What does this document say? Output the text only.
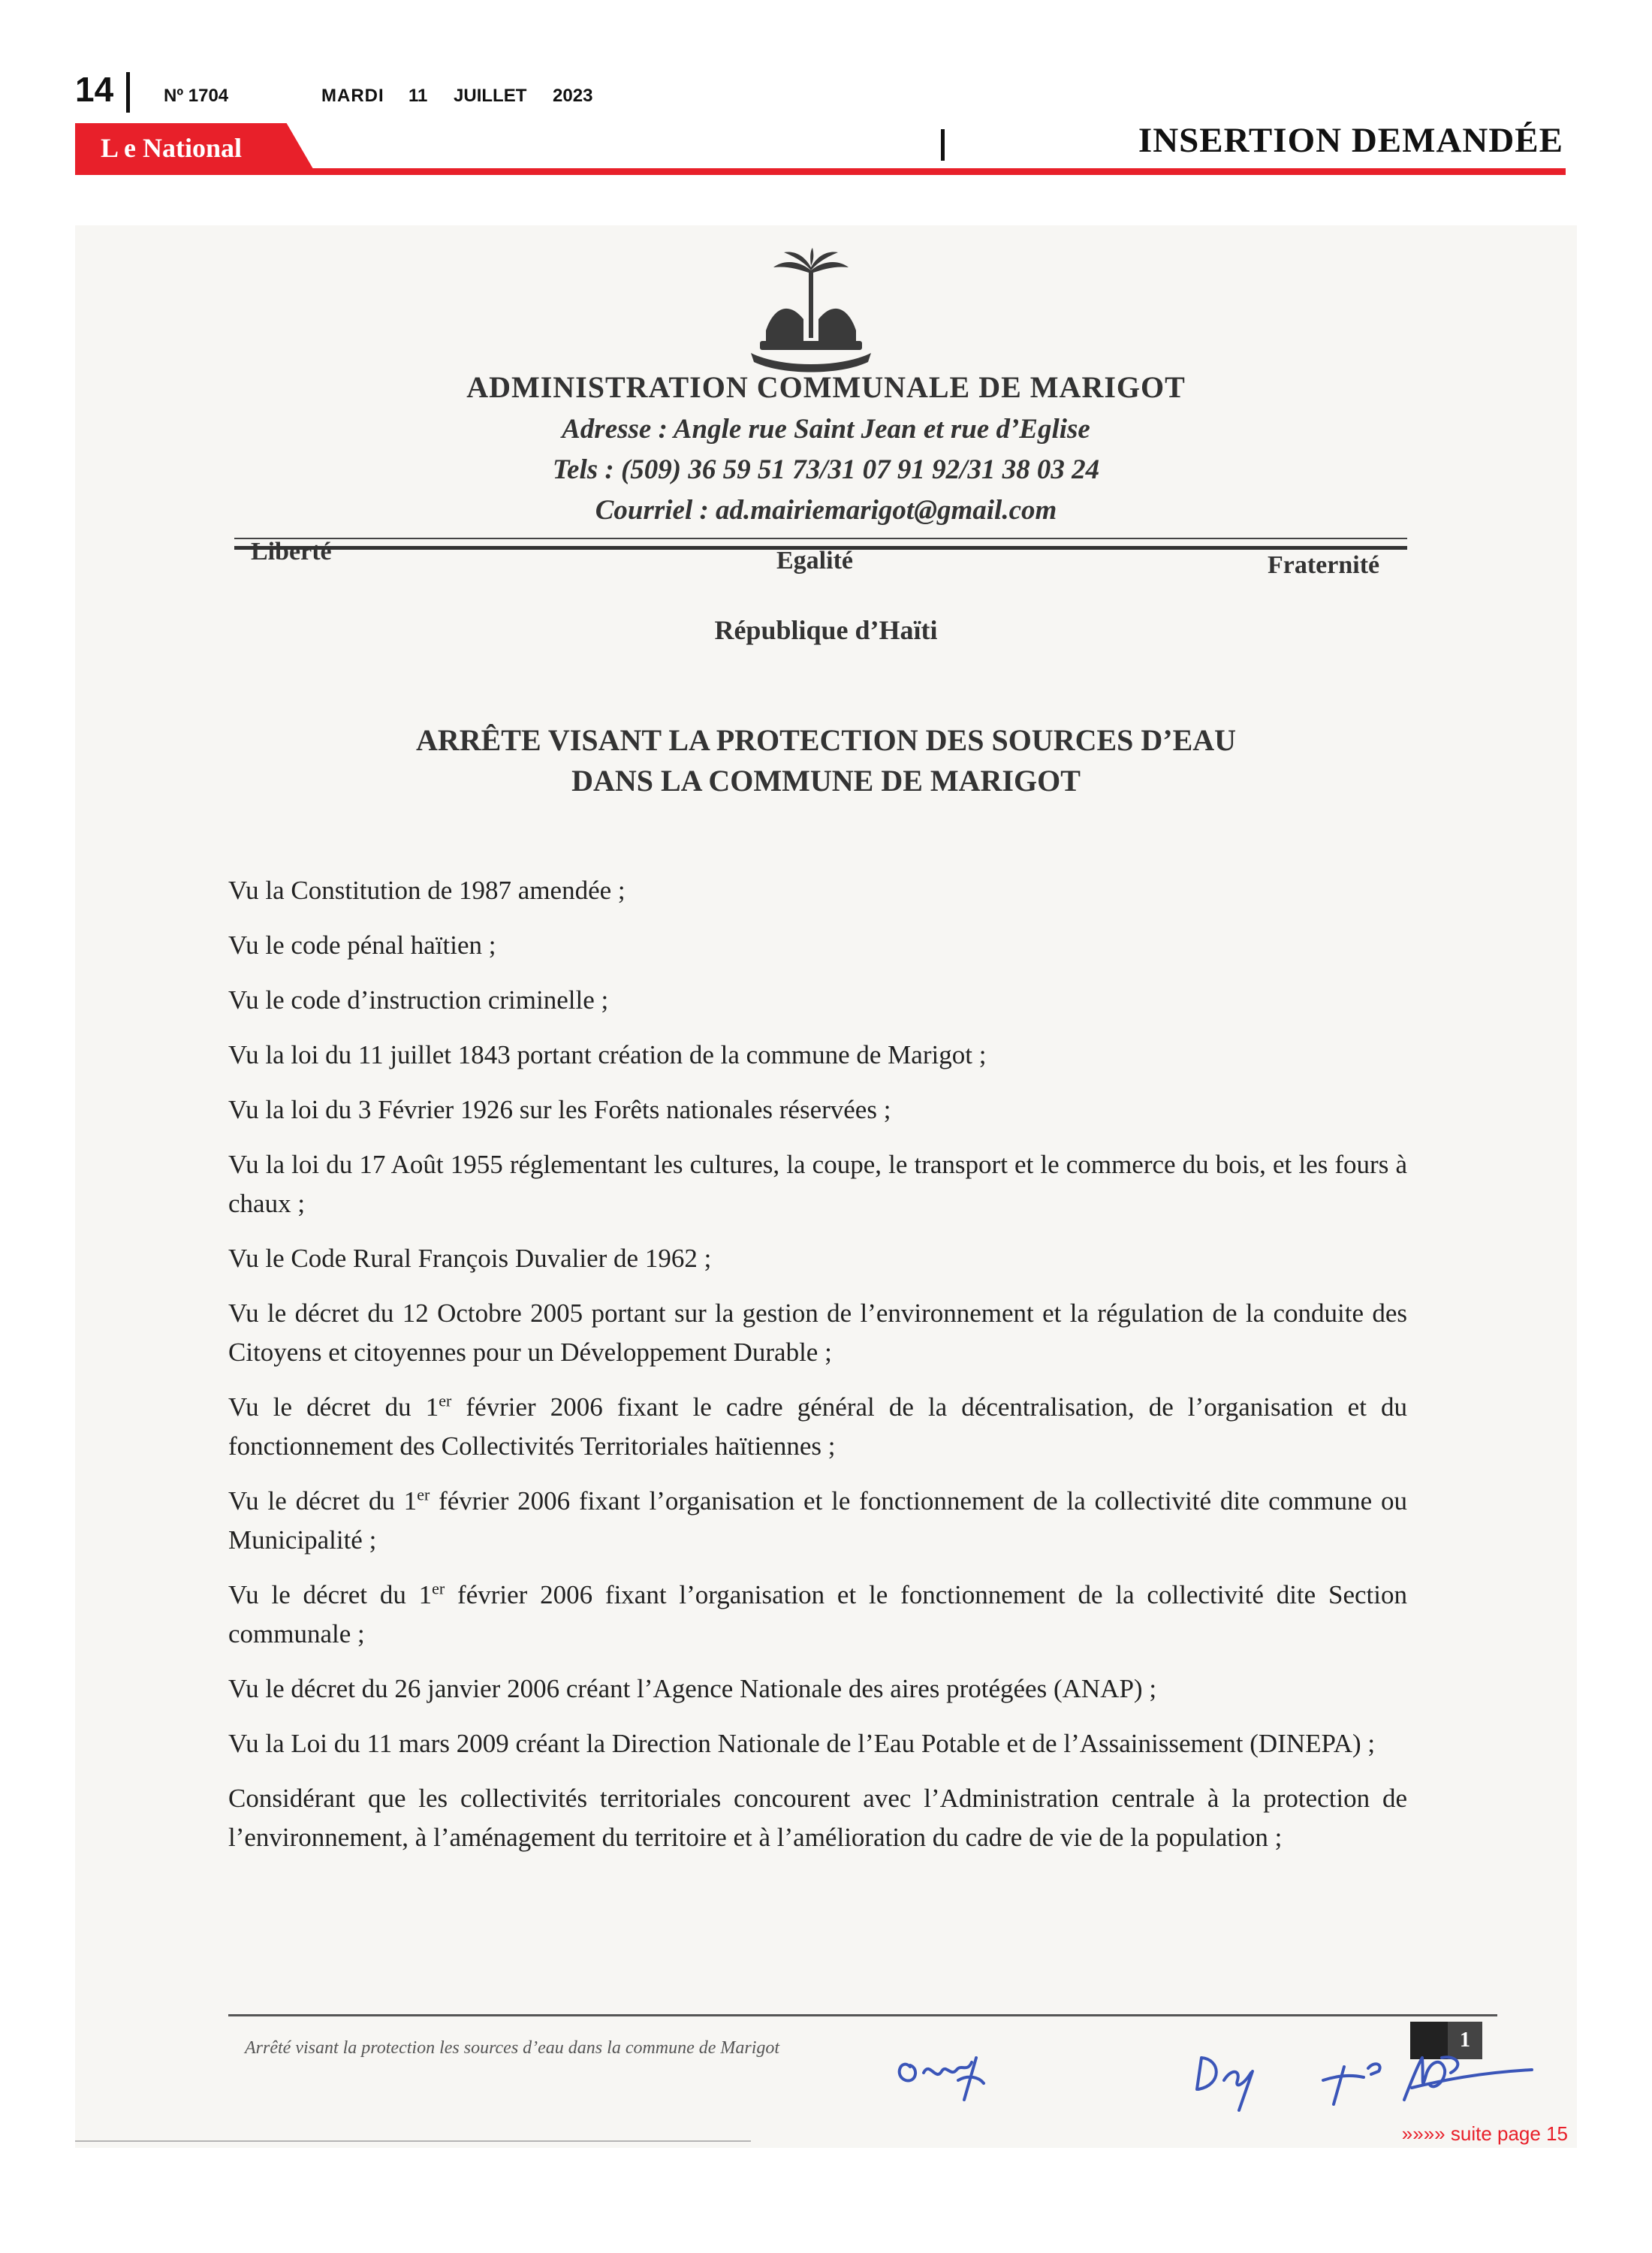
14	Nº 1704	MARDI 11 JUILLET 2023
L e National	INSERTION DEMANDÉE
ADMINISTRATION COMMUNALE DE MARIGOT
Adresse : Angle rue Saint Jean et rue d’Eglise
Tels : (509) 36 59 51 73/31 07 91 92/31 38 03 24
Courriel : ad.mairiemarigot@gmail.com
Liberté	Egalité	Fraternité
République d’Haïti
ARRÊTE VISANT LA PROTECTION DES SOURCES D’EAU
DANS LA COMMUNE DE MARIGOT

Vu la Constitution de 1987 amendée ;

Vu le code pénal haïtien ;

Vu le code d’instruction criminelle ;

Vu la loi du 11 juillet 1843 portant création de la commune de Marigot ;

Vu la loi du 3 Février 1926 sur les Forêts nationales réservées ;

Vu la loi du 17 Août 1955 réglementant les cultures, la coupe, le transport et le commerce du bois, et les fours à chaux ;

Vu le Code Rural François Duvalier de 1962 ;

Vu le décret du 12 Octobre 2005 portant sur la gestion de l’environnement et la régulation de la conduite des Citoyens et citoyennes pour un Développement Durable ;

Vu le décret du 1er février 2006 fixant le cadre général de la décentralisation, de l’organisation et du fonctionnement des Collectivités Territoriales haïtiennes ;

Vu le décret du 1er février 2006 fixant l’organisation et le fonctionnement de la collectivité dite commune ou Municipalité ;

Vu le décret du 1er février 2006 fixant l’organisation et le fonctionnement de la collectivité dite Section communale ;

Vu le décret du 26 janvier 2006 créant l’Agence Nationale des aires protégées (ANAP) ;

Vu la Loi du 11 mars 2009 créant la Direction Nationale de l’Eau Potable et de l’Assainissement (DINEPA) ;

Considérant que les collectivités territoriales concourent avec l’Administration centrale à la protection de l’environnement, à l’aménagement du territoire et à l’amélioration du cadre de vie de la population ;

Arrêté visant la protection les sources d’eau dans la commune de Marigot	1
»»»» suite page 15
